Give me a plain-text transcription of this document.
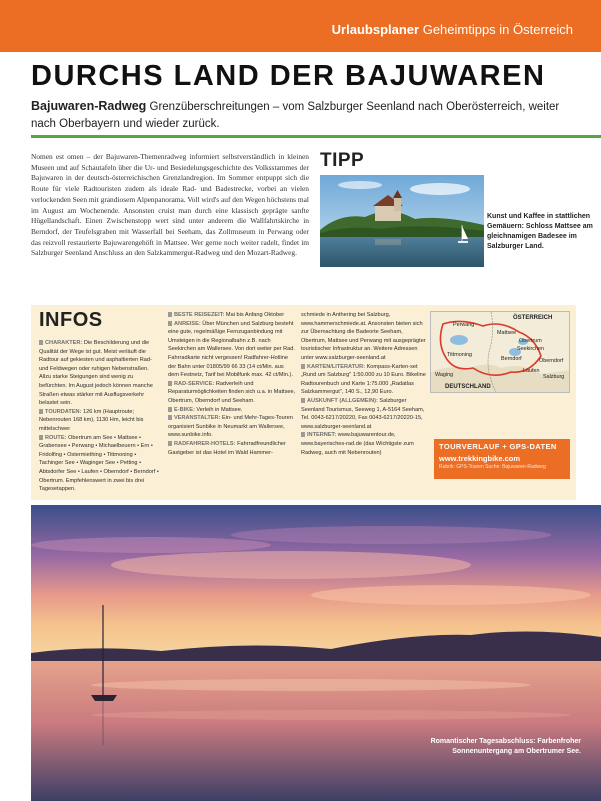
Urlaubsplaner Geheimtipps in Österreich
DURCHS LAND DER BAJUWAREN
Bajuwaren-Radweg Grenzüberschreitungen – vom Salzburger Seenland nach Oberösterreich, weiter nach Oberbayern und wieder zurück.
Nomen est omen – der Bajuwaren-Themenradweg informiert selbstverständlich in kleinen Museen und auf Schautafeln über die Ur- und Besiedelungsgeschichte des Volksstammes der Bajuwaren in der deutsch-österreichischen Grenzlandregion. Im Sommer entpuppt sich die Route für viele Radtouristen zudem als ideale Rad- und Badestrecke, vorbei an vielen verlockenden Seen mit grandiosem Alpenpanorama. Voll wird's auf den Wegen höchstens mal im August am Wochenende. Ansonsten cruist man durch eine klassisch geprägte sanfte Hügellandschaft. Einen Zwischenstopp wert sind unter anderem die Wallfahrtskirche in Berndorf, der Teufelsgraben mit Wasserfall bei Seeham, das Zollmuseum in Perwang oder das reizvoll restaurierte Bajuwarengehöft in Mattsee. Wer gerne noch weiter radelt, findet im Salzburger Seenland Anschluss an den Salzkammergut-Radweg und den Mozart-Radweg.
TIPP
Kunst und Kaffee in stattlichen Gemäuern: Schloss Mattsee am gleichnamigen Badesee im Salzburger Land.
INFOS
CHARAKTER: Die Beschilderung und die Qualität der Wege ist gut. Meist verläuft die Radtour auf gekiesten und asphaltierten Rad- und Feldwegen oder ruhigen Nebenstraßen. Allzu starke Steigungen sind wenig zu befürchten. Im August jedoch können manche Straßen etwas stärker mit Ausflugsverkehr belastet sein.
TOURDATEN: 126 km (Hauptroute; Nebenrouten 168 km), 1130 Hm, leicht bis mittelschwer
ROUTE: Obertrum am See • Mattsee • Grabensee • Perwang • Michaelbeuern • Ern • Fridolfing • Ostermiething • Tittmoning • Tachinger See • Waginger See • Petting • Abtsdorfer See • Laufen • Oberndorf • Berndorf • Obertrum. Empfehlenswert in zwei bis drei Tagesetappen.
BESTE REISEZEIT: Mai bis Anfang Oktober
ANREISE: Über München und Salzburg besteht eine gute, regelmäßige Fernzuganbindung mit Umsteigen in die Regionalbahn z.B. nach Seekirchen am Wallersee. Von dort weiter per Rad. Fahrradkarte nicht vergessen! Radfahrer-Hotline der Bahn unter 01805/99 66 33 (14 ct/Min. aus dem Festnetz, Tarif bei Mobilfunk max. 42 ct/Min.).
RAD-SERVICE: Radverleih und Reparaturmöglichkeiten finden sich u.a. in Mattsee, Obertrum, Oberndorf und Seeham.
E-BIKE: Verleih in Mattsee.
VERANSTALTER: Ein- und Mehr-Tages-Touren organisiert Sunbike in Neumarkt am Wallersee, www.sunbike.info.
RADFAHRER-HOTELS: Fahrradfreundlicher Gastgeber ist das Hotel im Wald Hammer-
schmiede in Anthering bei Salzburg, www.hammerschmiede.at. Ansonsten bieten sich zur Übernachtung die Badeorte Seeham, Obertrum, Mattsee und Perwang mit ausgeprägter touristischer Infrastruktur an. Weitere Adressen unter www.salzburger-seenland.at
KARTEN/LITERATUR: Kompass-Karten-set „Rund um Salzburg" 1:50.000 zu 10 Euro. Bikeline Radtourenbuch und Karte 1:75.000 „Radatlas Salzkammergut", 140 S., 12,90 Euro.
AUSKUNFT (ALLGEMEIN): Salzburger Seenland Tourismus, Seeweg 1, A-5164 Seeham, Tel. 0043-6217/20220, Fax 0043-6217/20220-15, www.salzburger-seenland.at
INTERNET: www.bajuwarentour.de, www.bayerisches-rad.de (das Wichtigste zum Radweg, auch mit Nebenrouten)
ÖSTERREICH
Mattsee
Obertrum
Seekirchen
Berndorf
Perwang
Laufen
Oberndorf
Salzburg
Waging
Tittmoning
DEUTSCHLAND
TOURVERLAUF + GPS-DATEN
www.trekkingbike.com
Rubrik: GPS-Touren Suche: Bajuwaren-Radweg
Romantischer Tagesabschluss: Farbenfroher Sonnenuntergang am Obertrumer See.
